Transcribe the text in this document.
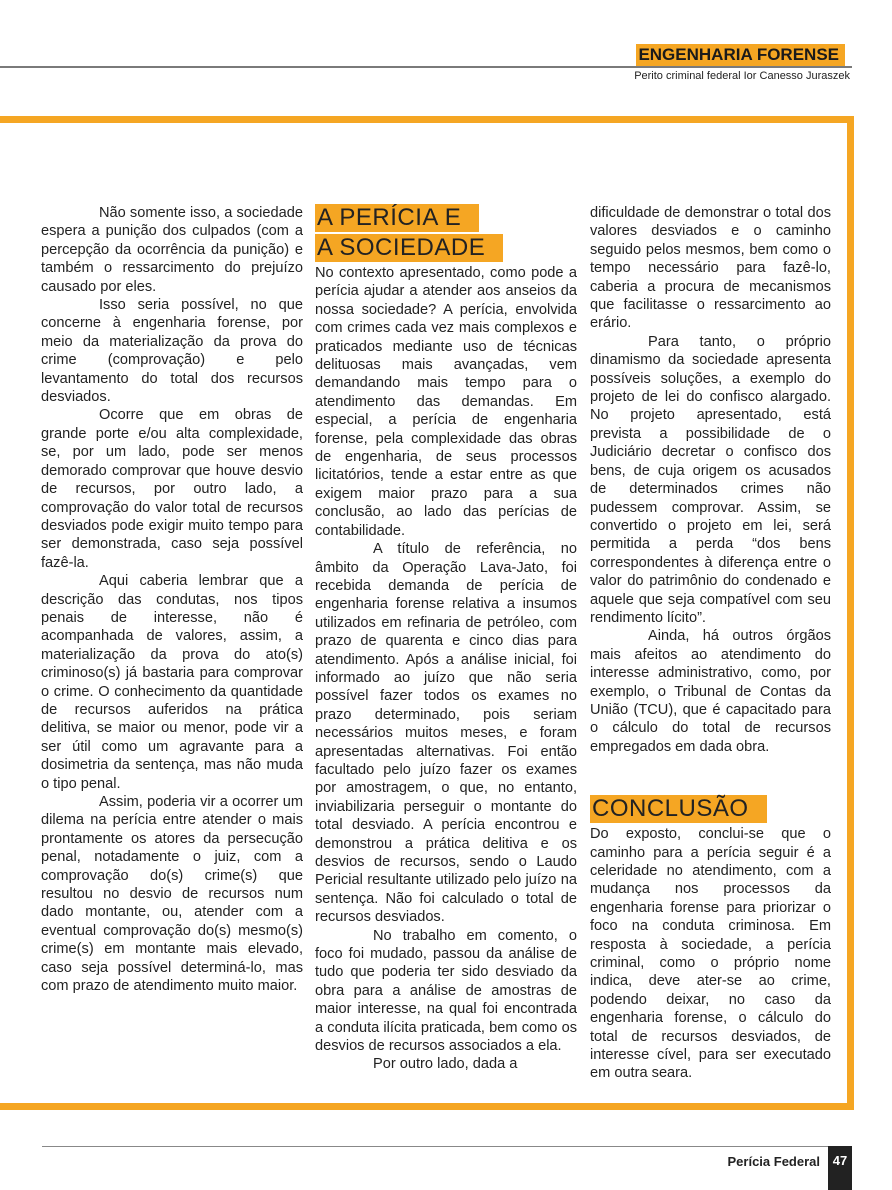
ENGENHARIA FORENSE
Perito criminal federal Ior Canesso Juraszek

Não somente isso, a sociedade espera a punição dos culpados (com a percepção da ocorrência da punição) e também o ressarcimento do prejuízo causado por eles.

Isso seria possível, no que concerne à engenharia forense, por meio da materialização da prova do crime (comprovação) e pelo levantamento do total dos recursos desviados.

Ocorre que em obras de grande porte e/ou alta complexidade, se, por um lado, pode ser menos demorado comprovar que houve desvio de recursos, por outro lado, a comprovação do valor total de recursos desviados pode exigir muito tempo para ser demonstrada, caso seja possível fazê-la.

Aqui caberia lembrar que a descrição das condutas, nos tipos penais de interesse, não é acompanhada de valores, assim, a materialização da prova do ato(s) criminoso(s) já bastaria para comprovar o crime. O conhecimento da quantidade de recursos auferidos na prática delitiva, se maior ou menor, pode vir a ser útil como um agravante para a dosimetria da sentença, mas não muda o tipo penal.

Assim, poderia vir a ocorrer um dilema na perícia entre atender o mais prontamente os atores da persecução penal, notadamente o juiz, com a comprovação do(s) crime(s) que resultou no desvio de recursos num dado montante, ou, atender com a eventual comprovação do(s) mesmo(s) crime(s) em montante mais elevado, caso seja possível determiná-lo, mas com prazo de atendimento muito maior.

A PERÍCIA E
A SOCIEDADE

No contexto apresentado, como pode a perícia ajudar a atender aos anseios da nossa sociedade? A perícia, envolvida com crimes cada vez mais complexos e praticados mediante uso de técnicas delituosas mais avançadas, vem demandando mais tempo para o atendimento das demandas. Em especial, a perícia de engenharia forense, pela complexidade das obras de engenharia, de seus processos licitatórios, tende a estar entre as que exigem maior prazo para a sua conclusão, ao lado das perícias de contabilidade.

A título de referência, no âmbito da Operação Lava-Jato, foi recebida demanda de perícia de engenharia forense relativa a insumos utilizados em refinaria de petróleo, com prazo de quarenta e cinco dias para atendimento. Após a análise inicial, foi informado ao juízo que não seria possível fazer todos os exames no prazo determinado, pois seriam necessários muitos meses, e foram apresentadas alternativas. Foi então facultado pelo juízo fazer os exames por amostragem, o que, no entanto, inviabilizaria perseguir o montante do total desviado. A perícia encontrou e demonstrou a prática delitiva e os desvios de recursos, sendo o Laudo Pericial resultante utilizado pelo juízo na sentença. Não foi calculado o total de recursos desviados.

No trabalho em comento, o foco foi mudado, passou da análise de tudo que poderia ter sido desviado da obra para a análise de amostras de maior interesse, na qual foi encontrada a conduta ilícita praticada, bem como os desvios de recursos associados a ela.

Por outro lado, dada a

dificuldade de demonstrar o total dos valores desviados e o caminho seguido pelos mesmos, bem como o tempo necessário para fazê-lo, caberia a procura de mecanismos que facilitasse o ressarcimento ao erário.

Para tanto, o próprio dinamismo da sociedade apresenta possíveis soluções, a exemplo do projeto de lei do confisco alargado. No projeto apresentado, está prevista a possibilidade de o Judiciário decretar o confisco dos bens, de cuja origem os acusados de determinados crimes não pudessem comprovar. Assim, se convertido o projeto em lei, será permitida a perda “dos bens correspondentes à diferença entre o valor do patrimônio do condenado e aquele que seja compatível com seu rendimento lícito”.

Ainda, há outros órgãos mais afeitos ao atendimento do interesse administrativo, como, por exemplo, o Tribunal de Contas da União (TCU), que é capacitado para o cálculo do total de recursos empregados em dada obra.

CONCLUSÃO

Do exposto, conclui-se que o caminho para a perícia seguir é a celeridade no atendimento, com a mudança nos processos da engenharia forense para priorizar o foco na conduta criminosa. Em resposta à sociedade, a perícia criminal, como o próprio nome indica, deve ater-se ao crime, podendo deixar, no caso da engenharia forense, o cálculo do total de recursos desviados, de interesse cível, para ser executado em outra seara.

Perícia Federal 47
